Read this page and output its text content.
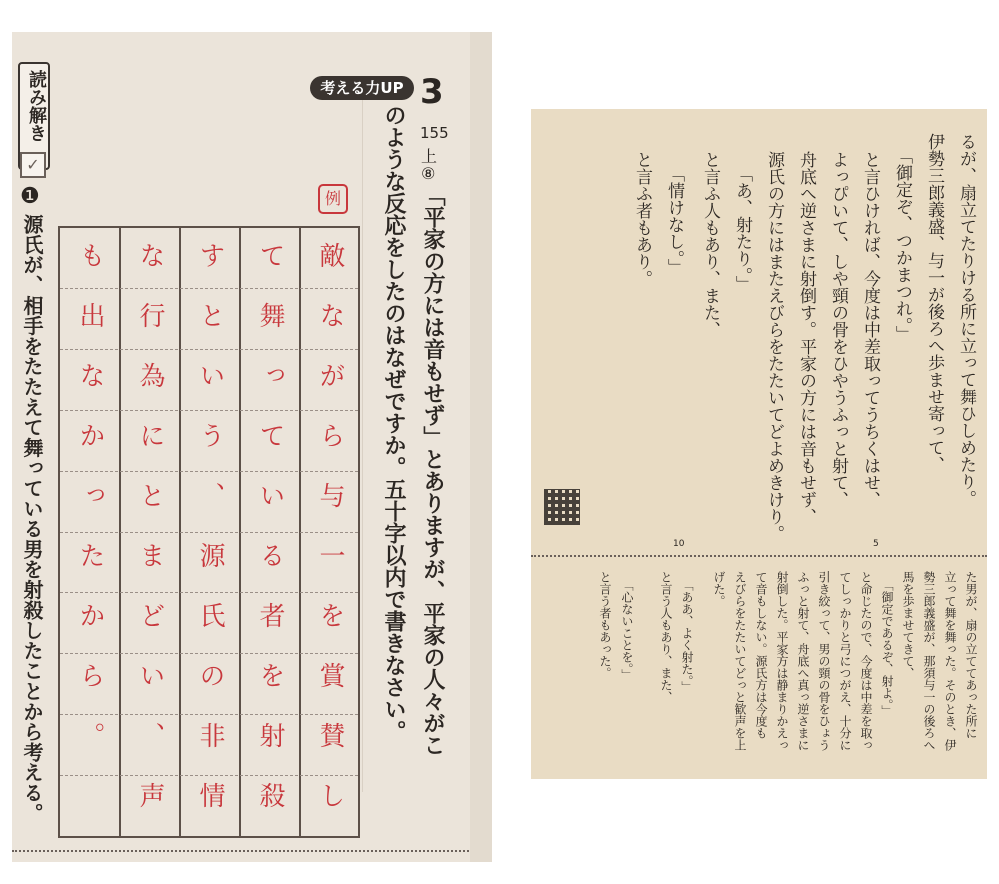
読み解き
✓
❶
源氏が、相手をたたえて舞っている男を射殺したことから考える。
考える力UP 3
155
上
⑧
「平家の方には音もせず」とありますが、平家の人々がこ
のような反応をしたのはなぜですか。五十字以内で書きなさい。
例
敵ながら与一を賞賛し
て舞っている者を射殺
すという、源氏の非情
な行為にとまどい、声
も出なかったから。	るが、扇立てたりける所に立って舞ひしめたり。
伊勢三郎義盛、与一が後ろへ歩ませ寄って、
「御定ぞ、つかまつれ。」
と言ひければ、今度は中差取ってうちくはせ、
よっぴいて、しや頸の骨をひやうふっと射て、
舟底へ逆さまに射倒す。平家の方には音もせず、
源氏の方にはまたえびらをたたいてどよめきけり。
「あ、射たり。」
と言ふ人もあり、また、
「情けなし。」
と言ふ者もあり。
5
10
た男が、扇の立ててあった所に
立って舞を舞った。そのとき、伊
勢三郎義盛が、那須与一の後ろへ
馬を歩ませてきて、
「御定であるぞ、射よ。」
と命じたので、今度は中差を取っ
てしっかりと弓につがえ、十分に
引き絞って、男の頸の骨をひょう
ふっと射て、舟底へ真っ逆さまに
射倒した。平家方は静まりかえっ
て音もしない。源氏方は今度も
えびらをたたいてどっと歓声を上
げた。
「ああ、よく射た。」
と言う人もあり、また、
「心ないことを。」
と言う者もあった。
